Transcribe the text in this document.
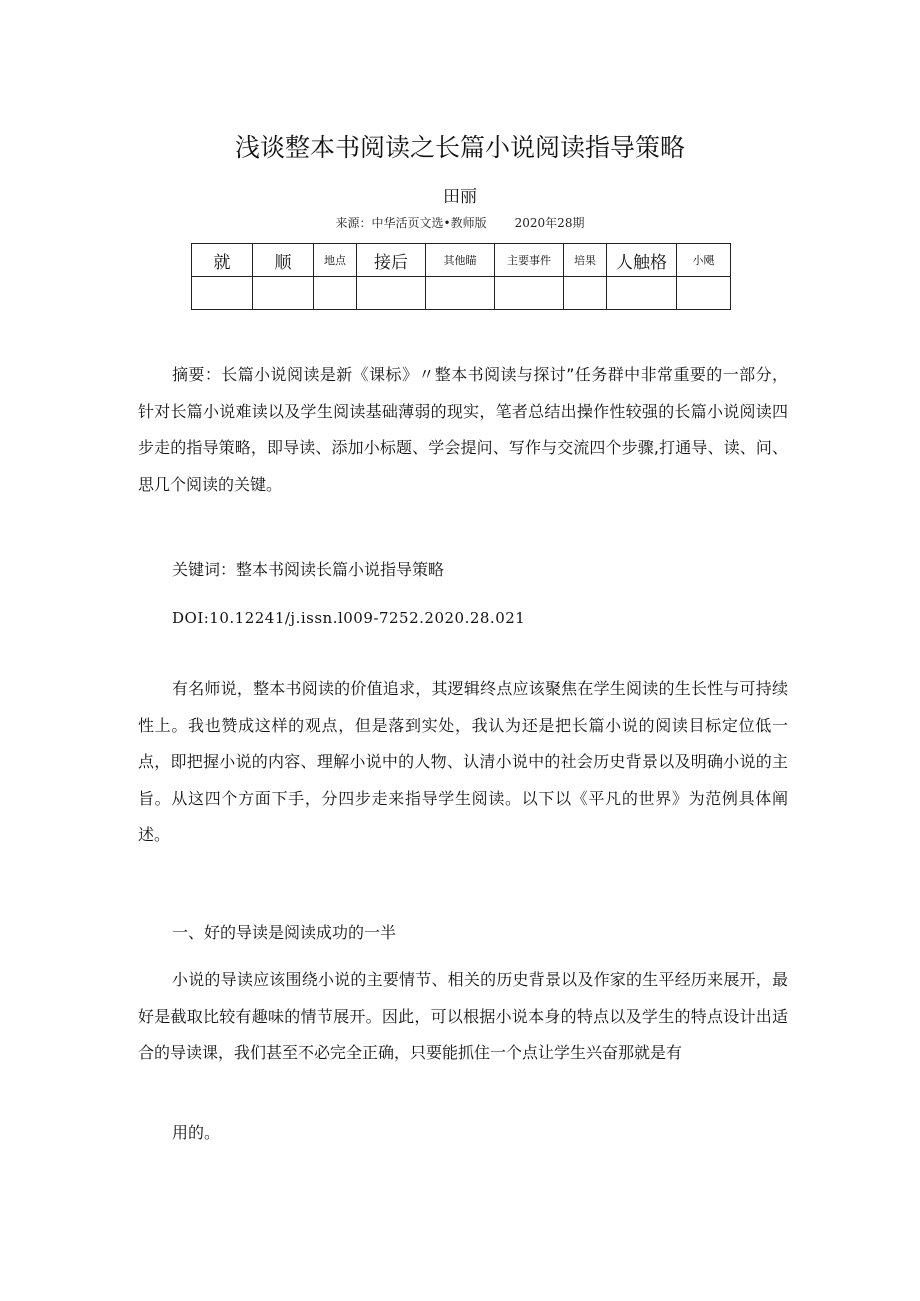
浅谈整本书阅读之长篇小说阅读指导策略
田丽
来源：中华活页文选•教师版 2020年28期
就	顺	地点	接后	其他瞄	主要事件	培果	人触格	小飓

摘要：长篇小说阅读是新《课标》〃整本书阅读与探讨”任务群中非常重要的一部分，针对长篇小说难读以及学生阅读基础薄弱的现实，笔者总结出操作性较强的长篇小说阅读四步走的指导策略，即导读、添加小标题、学会提问、写作与交流四个步骤,打通导、读、问、思几个阅读的关键。

关键词：整本书阅读长篇小说指导策略
DOI:10.12241∕j.issn.l009-7252.2020.28.021

有名师说，整本书阅读的价值追求，其逻辑终点应该聚焦在学生阅读的生长性与可持续性上。我也赞成这样的观点，但是落到实处，我认为还是把长篇小说的阅读目标定位低一点，即把握小说的内容、理解小说中的人物、认清小说中的社会历史背景以及明确小说的主旨。从这四个方面下手，分四步走来指导学生阅读。以下以《平凡的世界》为范例具体阐述。

一、好的导读是阅读成功的一半

小说的导读应该围绕小说的主要情节、相关的历史背景以及作家的生平经历来展开，最好是截取比较有趣味的情节展开。因此，可以根据小说本身的特点以及学生的特点设计出适合的导读课，我们甚至不必完全正确，只要能抓住一个点让学生兴奋那就是有

用的。
